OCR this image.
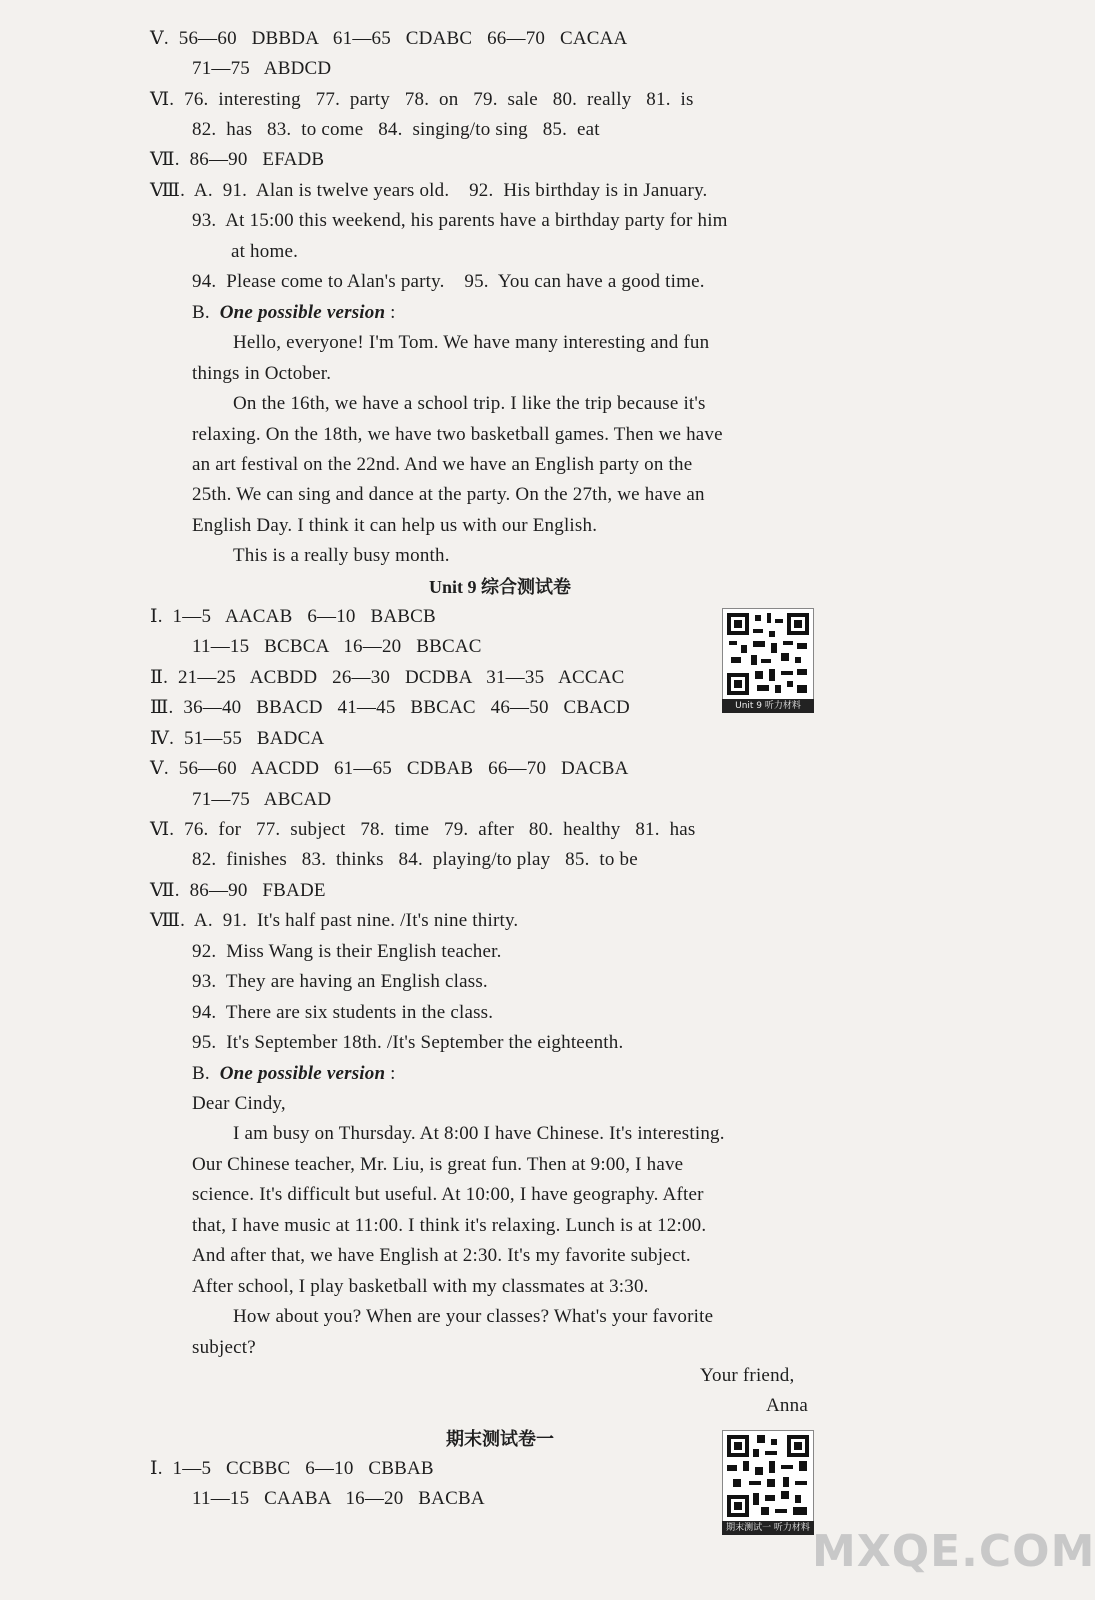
Ⅴ.  56—60   DBBDA   61—65   CDABC   66—70   CACAA
71—75   ABDCD
Ⅵ.  76.  interesting   77.  party   78.  on   79.  sale   80.  really   81.  is
82.  has   83.  to come   84.  singing/to sing   85.  eat
Ⅶ.  86—90   EFADB
Ⅷ.  A.  91.  Alan is twelve years old.    92.  His birthday is in January.
93.  At 15:00 this weekend, his parents have a birthday party for him
at home.
94.  Please come to Alan's party.    95.  You can have a good time.
B.  One possible version :
Hello, everyone! I'm Tom. We have many interesting and fun
things in October.
On the 16th, we have a school trip. I like the trip because it's
relaxing. On the 18th, we have two basketball games. Then we have
an art festival on the 22nd. And we have an English party on the
25th. We can sing and dance at the party. On the 27th, we have an
English Day. I think it can help us with our English.
This is a really busy month.
Unit 9 综合测试卷
Unit 9 听力材料
Ⅰ.  1—5   AACAB   6—10   BABCB
11—15   BCBCA   16—20   BBCAC
Ⅱ.  21—25   ACBDD   26—30   DCDBA   31—35   ACCAC
Ⅲ.  36—40   BBACD   41—45   BBCAC   46—50   CBACD
Ⅳ.  51—55   BADCA
Ⅴ.  56—60   AACDD   61—65   CDBAB   66—70   DACBA
71—75   ABCAD
Ⅵ.  76.  for   77.  subject   78.  time   79.  after   80.  healthy   81.  has
82.  finishes   83.  thinks   84.  playing/to play   85.  to be
Ⅶ.  86—90   FBADE
Ⅷ.  A.  91.  It's half past nine. /It's nine thirty.
92.  Miss Wang is their English teacher.
93.  They are having an English class.
94.  There are six students in the class.
95.  It's September 18th. /It's September the eighteenth.
B.  One possible version :
Dear Cindy,
I am busy on Thursday. At 8:00 I have Chinese. It's interesting.
Our Chinese teacher, Mr. Liu, is great fun. Then at 9:00, I have
science. It's difficult but useful. At 10:00, I have geography. After
that, I have music at 11:00. I think it's relaxing. Lunch is at 12:00.
And after that, we have English at 2:30. It's my favorite subject.
After school, I play basketball with my classmates at 3:30.
How about you? When are your classes? What's your favorite
subject?
Your friend,
Anna
期末测试卷一
期末测试一 听力材料
Ⅰ.  1—5   CCBBC   6—10   CBBAB
11—15   CAABA   16—20   BACBA
MXQE.COM
